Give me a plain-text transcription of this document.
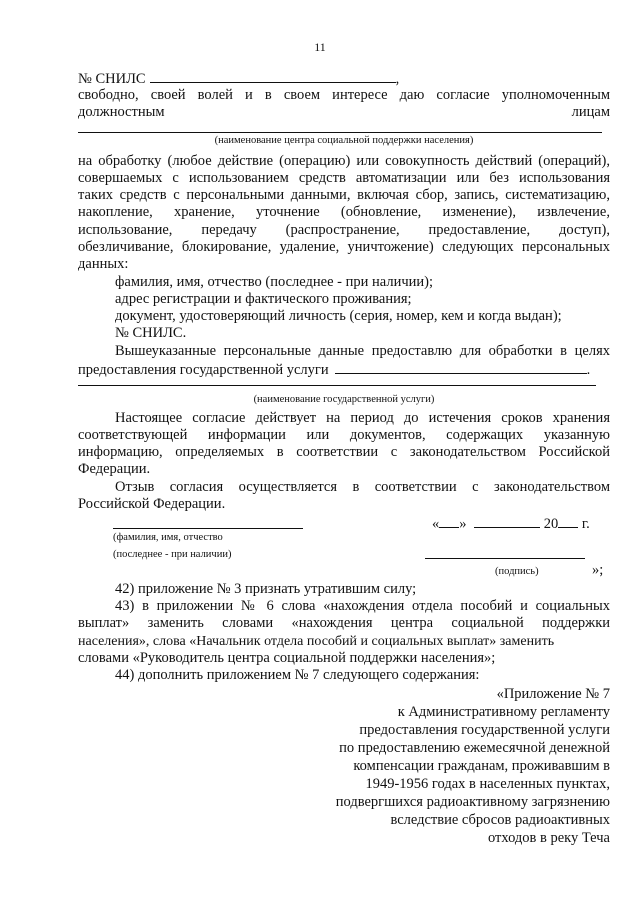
11
№ СНИЛС	,
свободно, своей волей и в своем интересе даю согласие уполномоченным
должностным	лицам
(наименование центра социальной поддержки населения)
на обработку (любое действие (операцию) или совокупность действий (операций),
совершаемых с использованием средств автоматизации или без использования
таких средств с персональными данными, включая сбор, запись, систематизацию,
накопление, хранение, уточнение (обновление, изменение), извлечение,
использование, передачу (распространение, предоставление, доступ),
обезличивание, блокирование, удаление, уничтожение) следующих персональных
данных:
фамилия, имя, отчество (последнее - при наличии);
адрес регистрации и фактического проживания;
документ, удостоверяющий личность (серия, номер, кем и когда выдан);
№ СНИЛС.
Вышеуказанные персональные данные предоставлю для обработки в целях
предоставления государственной услуги	.
(наименование государственной услуги)
Настоящее согласие действует на период до истечения сроков хранения
соответствующей информации или документов, содержащих указанную
информацию, определяемых в соответствии с законодательством Российской
Федерации.
Отзыв согласия осуществляется в соответствии с законодательством
Российской Федерации.
« »	20 г.
(фамилия, имя, отчество
(последнее - при наличии)
(подпись)	»;
42) приложение № 3 признать утратившим силу;
43) в приложении № 6 слова «нахождения отдела пособий и социальных
выплат» заменить словами «нахождения центра социальной поддержки
населения», слова «Начальник отдела пособий и социальных выплат» заменить
словами «Руководитель центра социальной поддержки населения»;
44) дополнить приложением № 7 следующего содержания:
«Приложение № 7
к Административному регламенту
предоставления государственной услуги
по предоставлению ежемесячной денежной
компенсации гражданам, проживавшим в
1949-1956 годах в населенных пунктах,
подвергшихся радиоактивному загрязнению
вследствие сбросов радиоактивных
отходов в реку Теча
